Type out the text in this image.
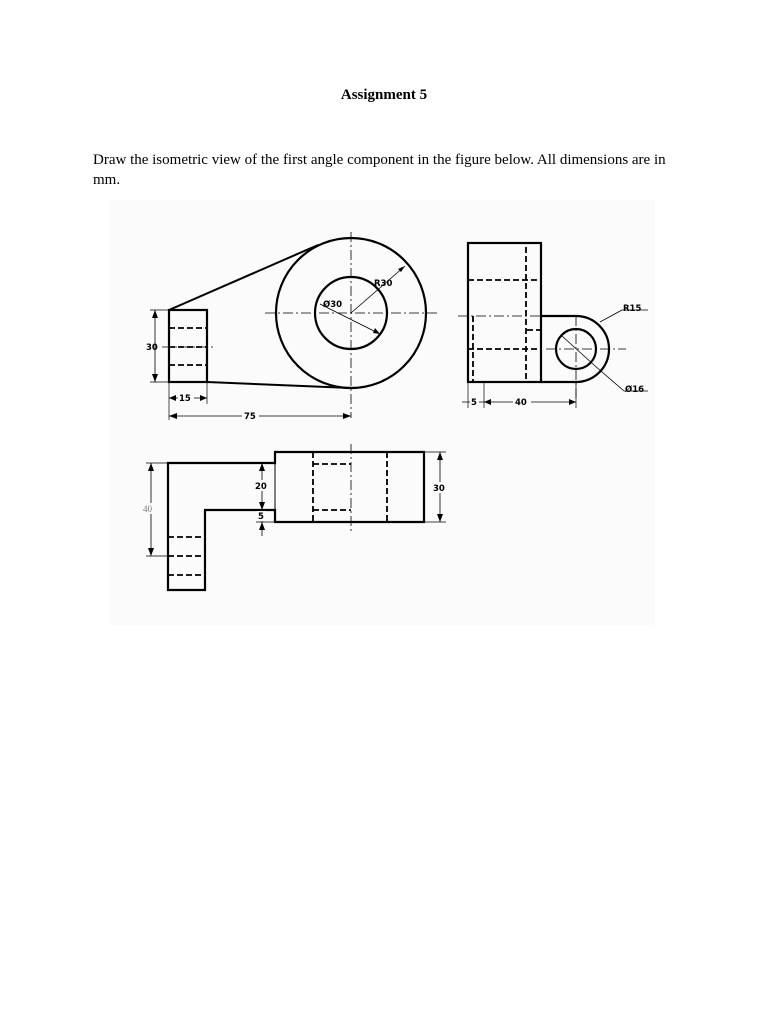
Assignment 5
Draw the isometric view of the first angle component in the figure below. All dimensions are in mm.
30
15
75
R30
Ø30
5	40
R15
Ø16
40
20
5
30
